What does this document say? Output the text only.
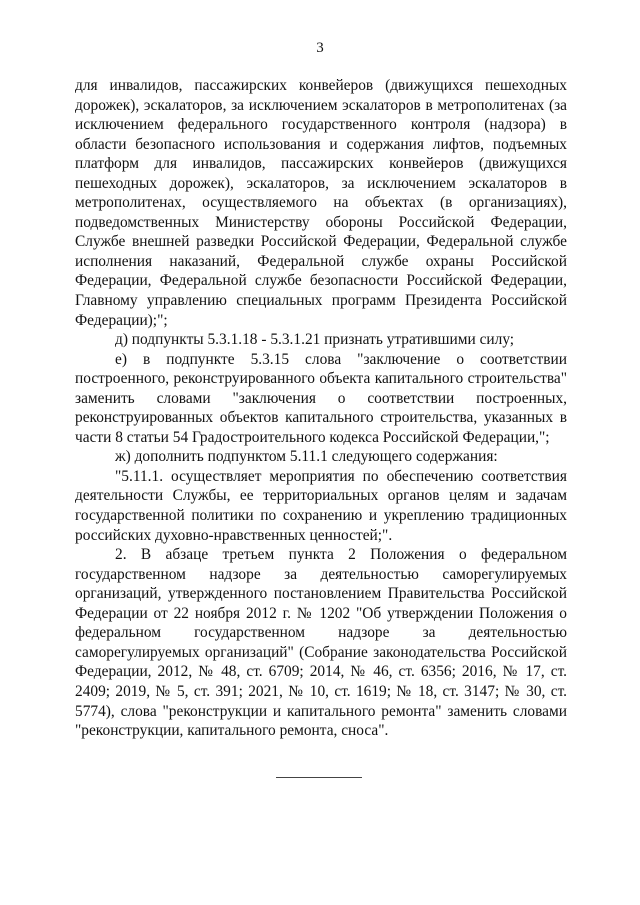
3

для инвалидов, пассажирских конвейеров (движущихся пешеходных дорожек), эскалаторов, за исключением эскалаторов в метрополитенах (за исключением федерального государственного контроля (надзора) в области безопасного использования и содержания лифтов, подъемных платформ для инвалидов, пассажирских конвейеров (движущихся пешеходных дорожек), эскалаторов, за исключением эскалаторов в метрополитенах, осуществляемого на объектах (в организациях), подведомственных Министерству обороны Российской Федерации, Службе внешней разведки Российской Федерации, Федеральной службе исполнения наказаний, Федеральной службе охраны Российской Федерации, Федеральной службе безопасности Российской Федерации, Главному управлению специальных программ Президента Российской Федерации);";

д) подпункты 5.3.1.18 - 5.3.1.21 признать утратившими силу;

е) в подпункте 5.3.15 слова "заключение о соответствии построенного, реконструированного объекта капитального строительства" заменить словами "заключения о соответствии построенных, реконструированных объектов капитального строительства, указанных в части 8 статьи 54 Градостроительного кодекса Российской Федерации,";

ж) дополнить подпунктом 5.11.1 следующего содержания:

"5.11.1. осуществляет мероприятия по обеспечению соответствия деятельности Службы, ее территориальных органов целям и задачам государственной политики по сохранению и укреплению традиционных российских духовно-нравственных ценностей;".

2. В абзаце третьем пункта 2 Положения о федеральном государственном надзоре за деятельностью саморегулируемых организаций, утвержденного постановлением Правительства Российской Федерации от 22 ноября 2012 г. № 1202 "Об утверждении Положения о федеральном государственном надзоре за деятельностью саморегулируемых организаций" (Собрание законодательства Российской Федерации, 2012, № 48, ст. 6709; 2014, № 46, ст. 6356; 2016, № 17, ст. 2409; 2019, № 5, ст. 391; 2021, № 10, ст. 1619; № 18, ст. 3147; № 30, ст. 5774), слова "реконструкции и капитального ремонта" заменить словами "реконструкции, капитального ремонта, сноса".
